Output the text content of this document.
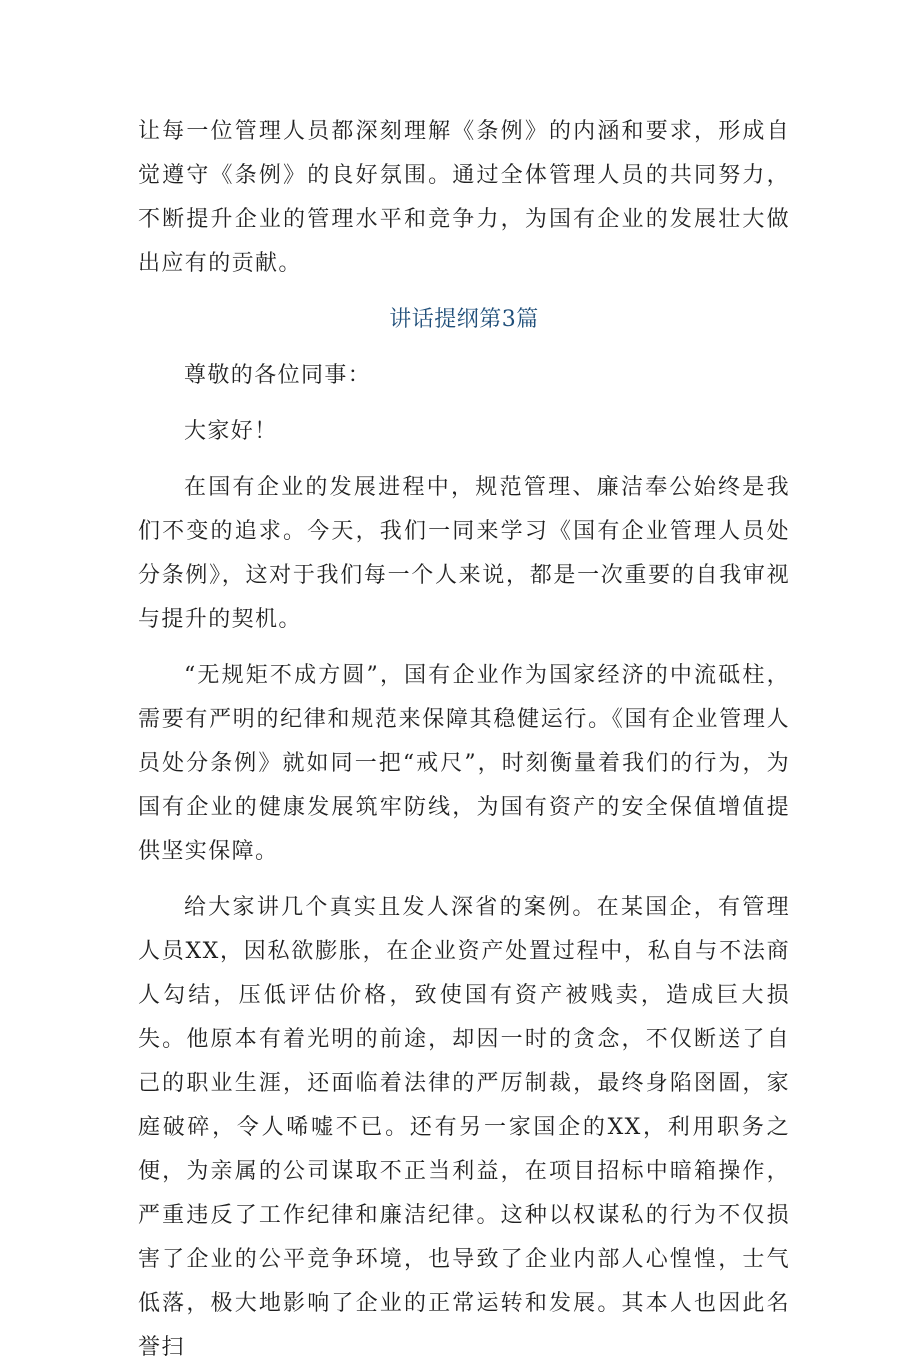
让每一位管理人员都深刻理解《条例》的内涵和要求，形成自觉遵守《条例》的良好氛围。通过全体管理人员的共同努力，不断提升企业的管理水平和竞争力，为国有企业的发展壮大做出应有的贡献。

讲话提纲第3篇

尊敬的各位同事：

大家好！

在国有企业的发展进程中，规范管理、廉洁奉公始终是我们不变的追求。今天，我们一同来学习《国有企业管理人员处分条例》，这对于我们每一个人来说，都是一次重要的自我审视与提升的契机。

“无规矩不成方圆”，国有企业作为国家经济的中流砥柱，需要有严明的纪律和规范来保障其稳健运行。《国有企业管理人员处分条例》就如同一把“戒尺”，时刻衡量着我们的行为，为国有企业的健康发展筑牢防线，为国有资产的安全保值增值提供坚实保障。

给大家讲几个真实且发人深省的案例。在某国企，有管理人员XX，因私欲膨胀，在企业资产处置过程中，私自与不法商人勾结，压低评估价格，致使国有资产被贱卖，造成巨大损失。他原本有着光明的前途，却因一时的贪念，不仅断送了自己的职业生涯，还面临着法律的严厉制裁，最终身陷囹圄，家庭破碎，令人唏嘘不已。还有另一家国企的XX，利用职务之便，为亲属的公司谋取不正当利益，在项目招标中暗箱操作，严重违反了工作纪律和廉洁纪律。这种以权谋私的行为不仅损害了企业的公平竞争环境，也导致了企业内部人心惶惶，士气低落，极大地影响了企业的正常运转和发展。其本人也因此名誉扫
